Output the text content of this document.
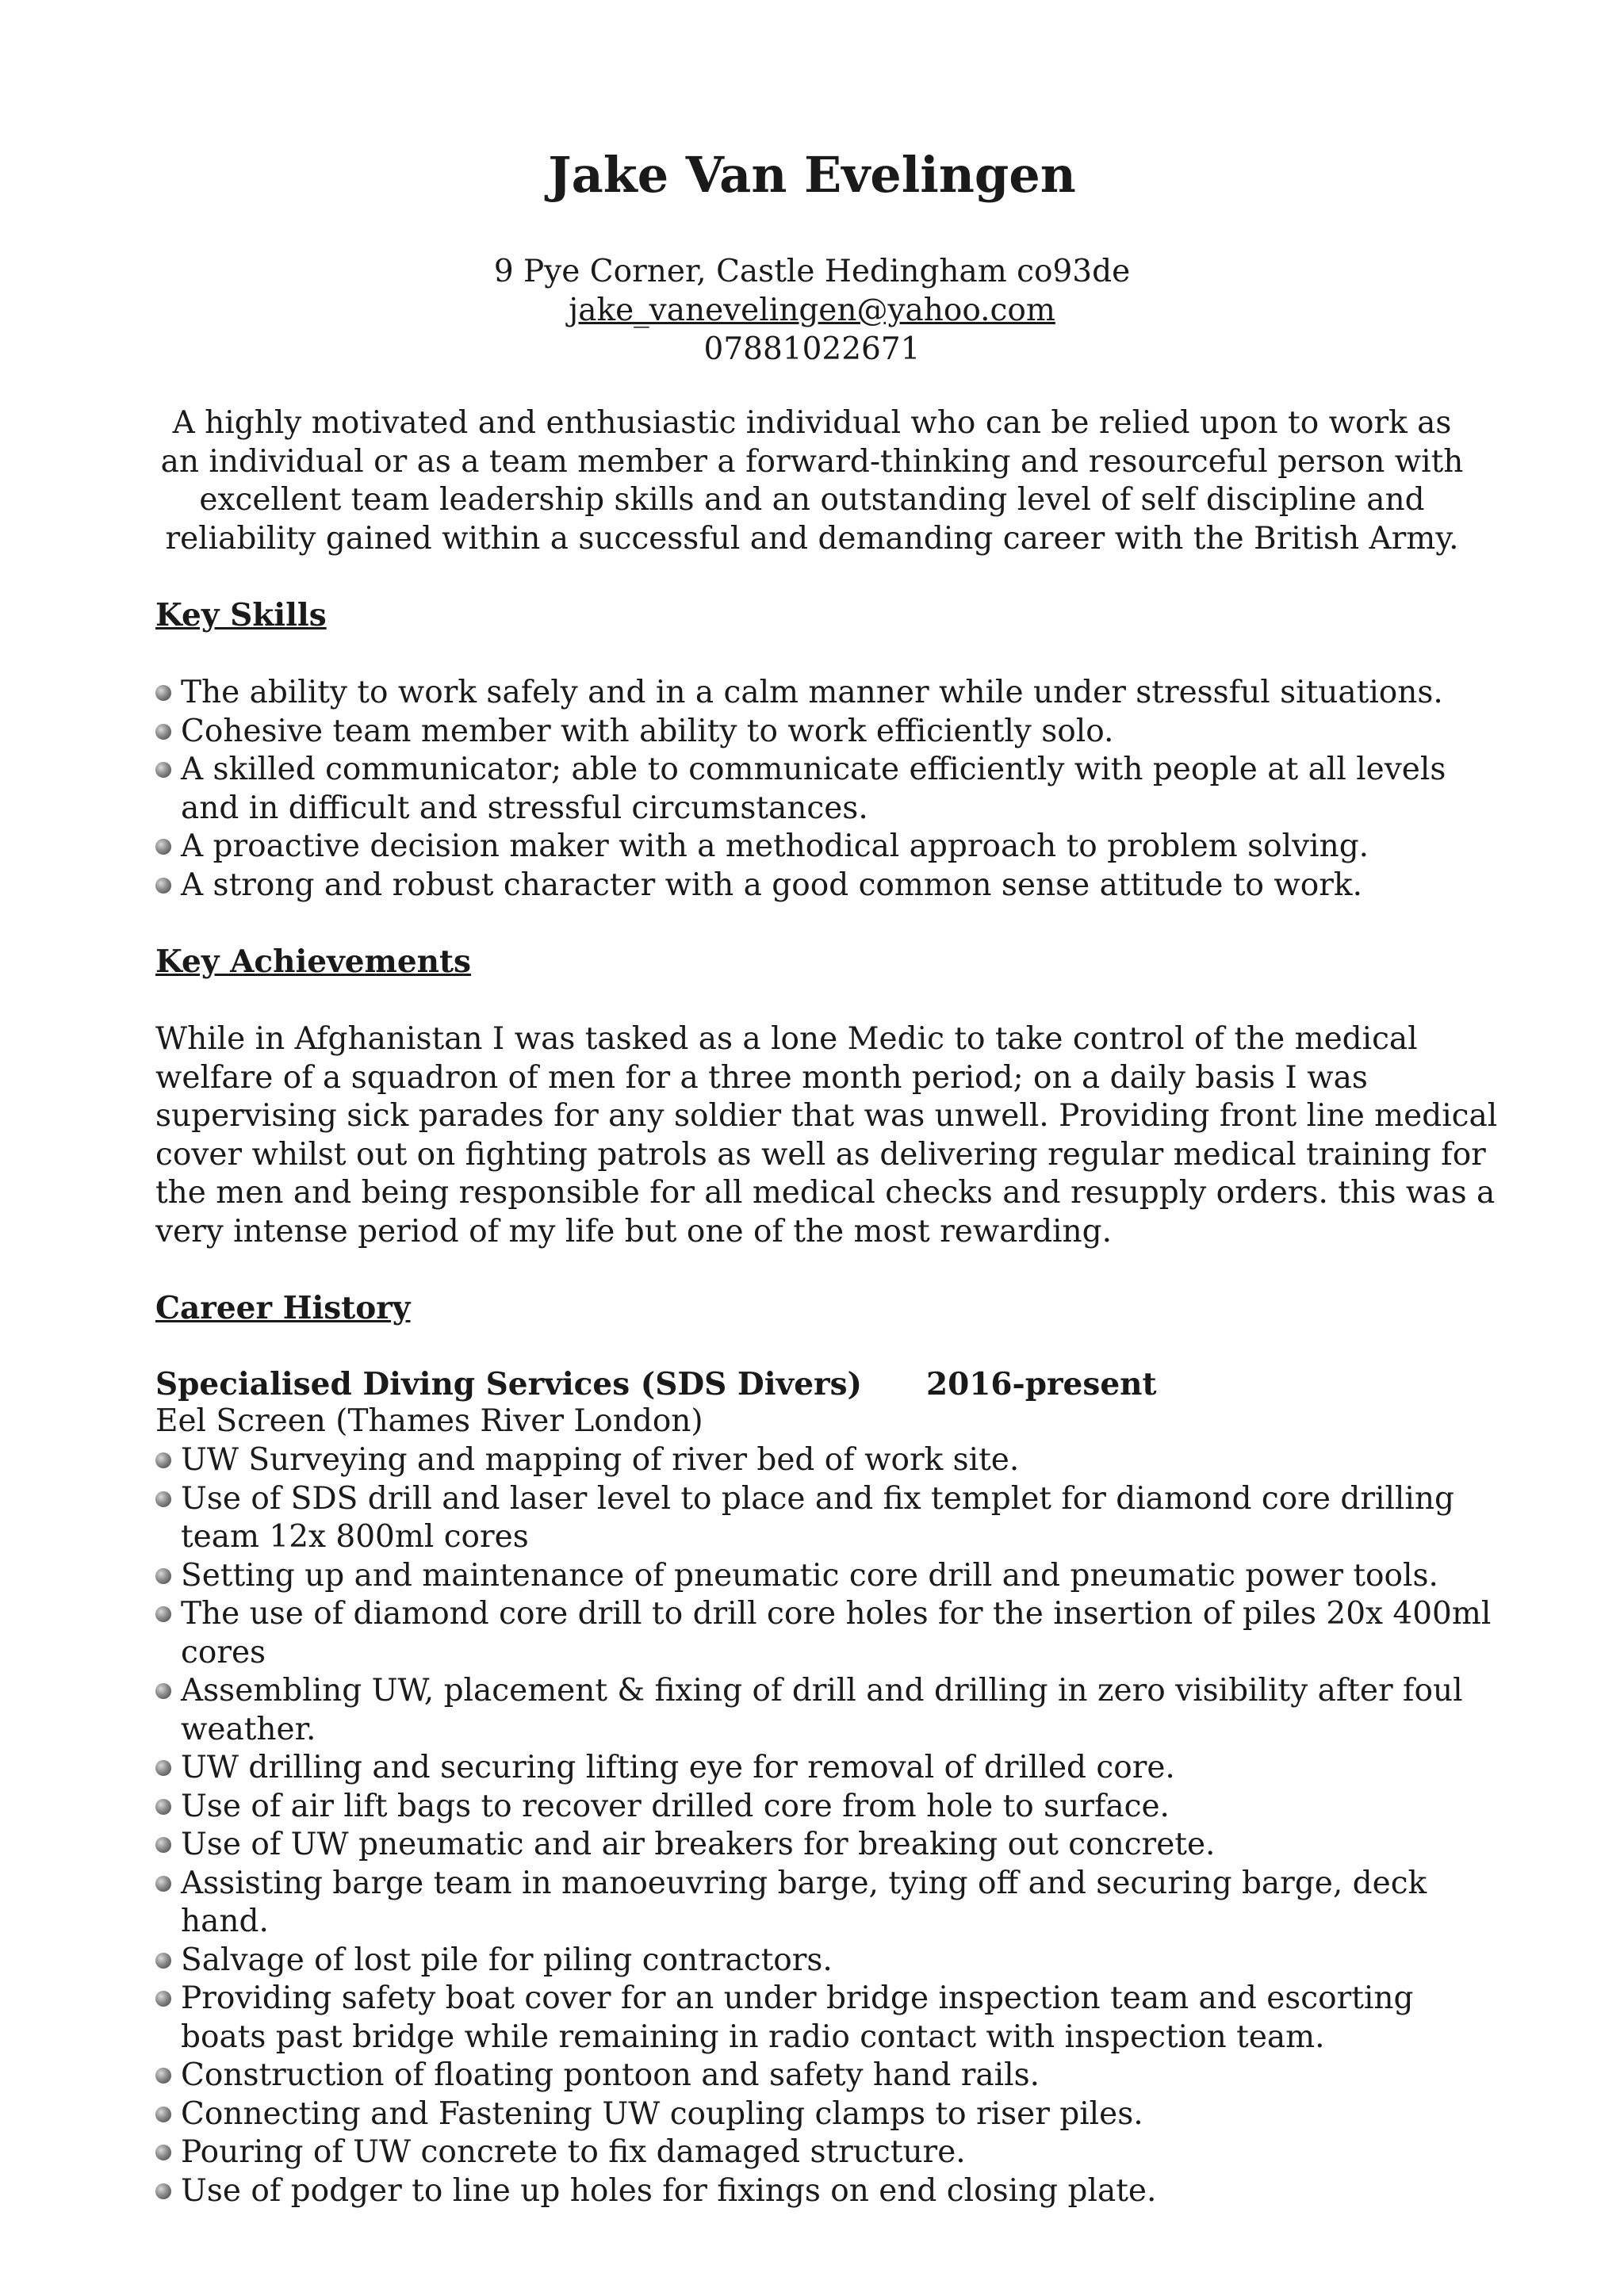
Jake Van Evelingen
9 Pye Corner, Castle Hedingham co93de
jake_vanevelingen@yahoo.com
07881022671
A highly motivated and enthusiastic individual who can be relied upon to work as an individual or as a team member a forward-thinking and resourceful person with excellent team leadership skills and an outstanding level of self discipline and reliability gained within a successful and demanding career with the British Army.
Key Skills
The ability to work safely and in a calm manner while under stressful situations.
Cohesive team member with ability to work efficiently solo.
A skilled communicator; able to communicate efficiently with people at all levels and in difficult and stressful circumstances.
A proactive decision maker with a methodical approach to problem solving.
A strong and robust character with a good common sense attitude to work.
Key Achievements
While in Afghanistan I was tasked as a lone Medic to take control of the medical welfare of a squadron of men for a three month period; on a daily basis I was supervising sick parades for any soldier that was unwell. Providing front line medical cover whilst out on fighting patrols as well as delivering regular medical training for the men and being responsible for all medical checks and resupply orders. this was a very intense period of my life but one of the most rewarding.
Career History
Specialised Diving Services (SDS Divers) 2016-present
Eel Screen (Thames River London)
UW Surveying and mapping of river bed of work site.
Use of SDS drill and laser level to place and fix templet for diamond core drilling team 12x 800ml cores
Setting up and maintenance of pneumatic core drill and pneumatic power tools.
The use of diamond core drill to drill core holes for the insertion of piles 20x 400ml cores
Assembling UW, placement & fixing of drill and drilling in zero visibility after foul weather.
UW drilling and securing lifting eye for removal of drilled core.
Use of air lift bags to recover drilled core from hole to surface.
Use of UW pneumatic and air breakers for breaking out concrete.
Assisting barge team in manoeuvring barge, tying off and securing barge, deck hand.
Salvage of lost pile for piling contractors.
Providing safety boat cover for an under bridge inspection team and escorting boats past bridge while remaining in radio contact with inspection team.
Construction of floating pontoon and safety hand rails.
Connecting and Fastening UW coupling clamps to riser piles.
Pouring of UW concrete to fix damaged structure.
Use of podger to line up holes for fixings on end closing plate.
